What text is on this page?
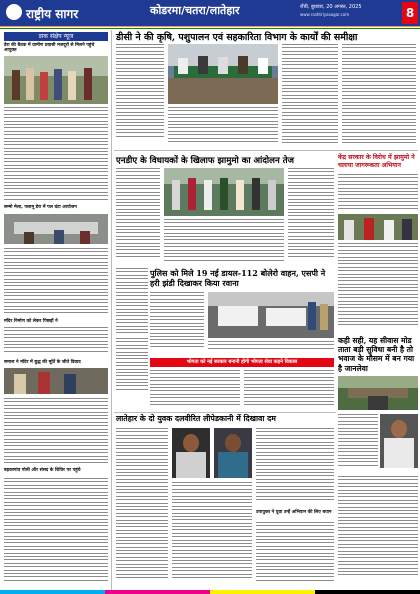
राष्ट्रीय सागर	कोडरमा/चतरा/लातेहार	राँची, बुधवार, 20 अगस्त, 2025
www.rashtriyasagar.com	8
डाक संक्षेप न्यूज
डेरा की बैठक में ग्रामीण प्रवासी मजदूरों से मिलने पहुंचे आयुक्त
सम्मो मेला, पलामू डेरा में पल घंटा आयोजन
मंदिर निर्माण को लेकर पिछड़ों ने
समाज ने मंदिर में बुद्ध की मूर्ति के जीते विवाद
बड़कागांव गोली और संसद के शिविर पर पहुंचे
डीसी ने की कृषि, पशुपालन एवं सहकारिता विभाग के कार्यों की समीक्षा
एनडीए के विधायकों के खिलाफ झामुमो का आंदोलन तेज	केंद्र सरकार के विरोध में झामुमो ने चलाया जागरूकता अभियान
पुलिस को मिले 19 नई डायल-112 बोलेरो वाहन, एसपी ने हरी झंडी दिखाकर किया रवाना
भोगता को नई सरकार बनानी होगी भोगता सेवा कहने विकास
कही सही, यह सीवास मोड ताता बड़ी सुविधा बनी है तो भवाज के मौसम में बन गया है जानलेवा
लातेहार के दो युवक दलवीरित लीपेडकानी में दिखावा दम
उपायुक्त ने युवा उन्हें अभियान की लिए बयान
